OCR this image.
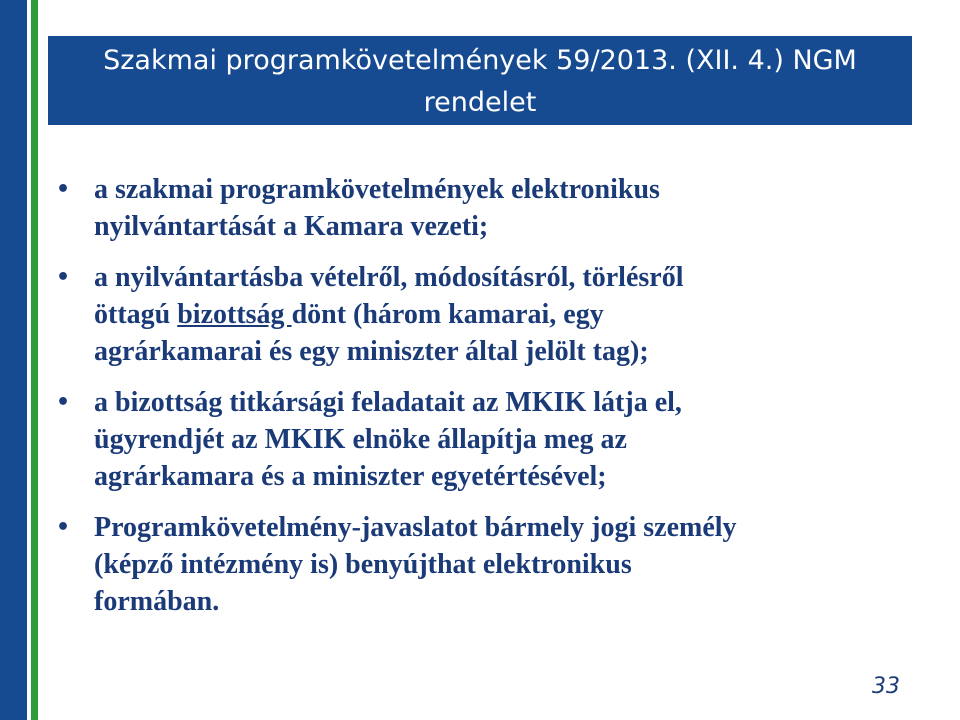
Szakmai programkövetelmények 59/2013. (XII. 4.) NGM
rendelet
• a szakmai programkövetelmények elektronikus
nyilvántartását a Kamara vezeti;
• a nyilvántartásba vételről, módosításról, törlésről
öttagú bizottság dönt (három kamarai, egy
agrárkamarai és egy miniszter által jelölt tag);
• a bizottság titkársági feladatait az MKIK látja el,
ügyrendjét az MKIK elnöke állapítja meg az
agrárkamara és a miniszter egyetértésével;
• Programkövetelmény-javaslatot bármely jogi személy
(képző intézmény is) benyújthat elektronikus
formában.
33
